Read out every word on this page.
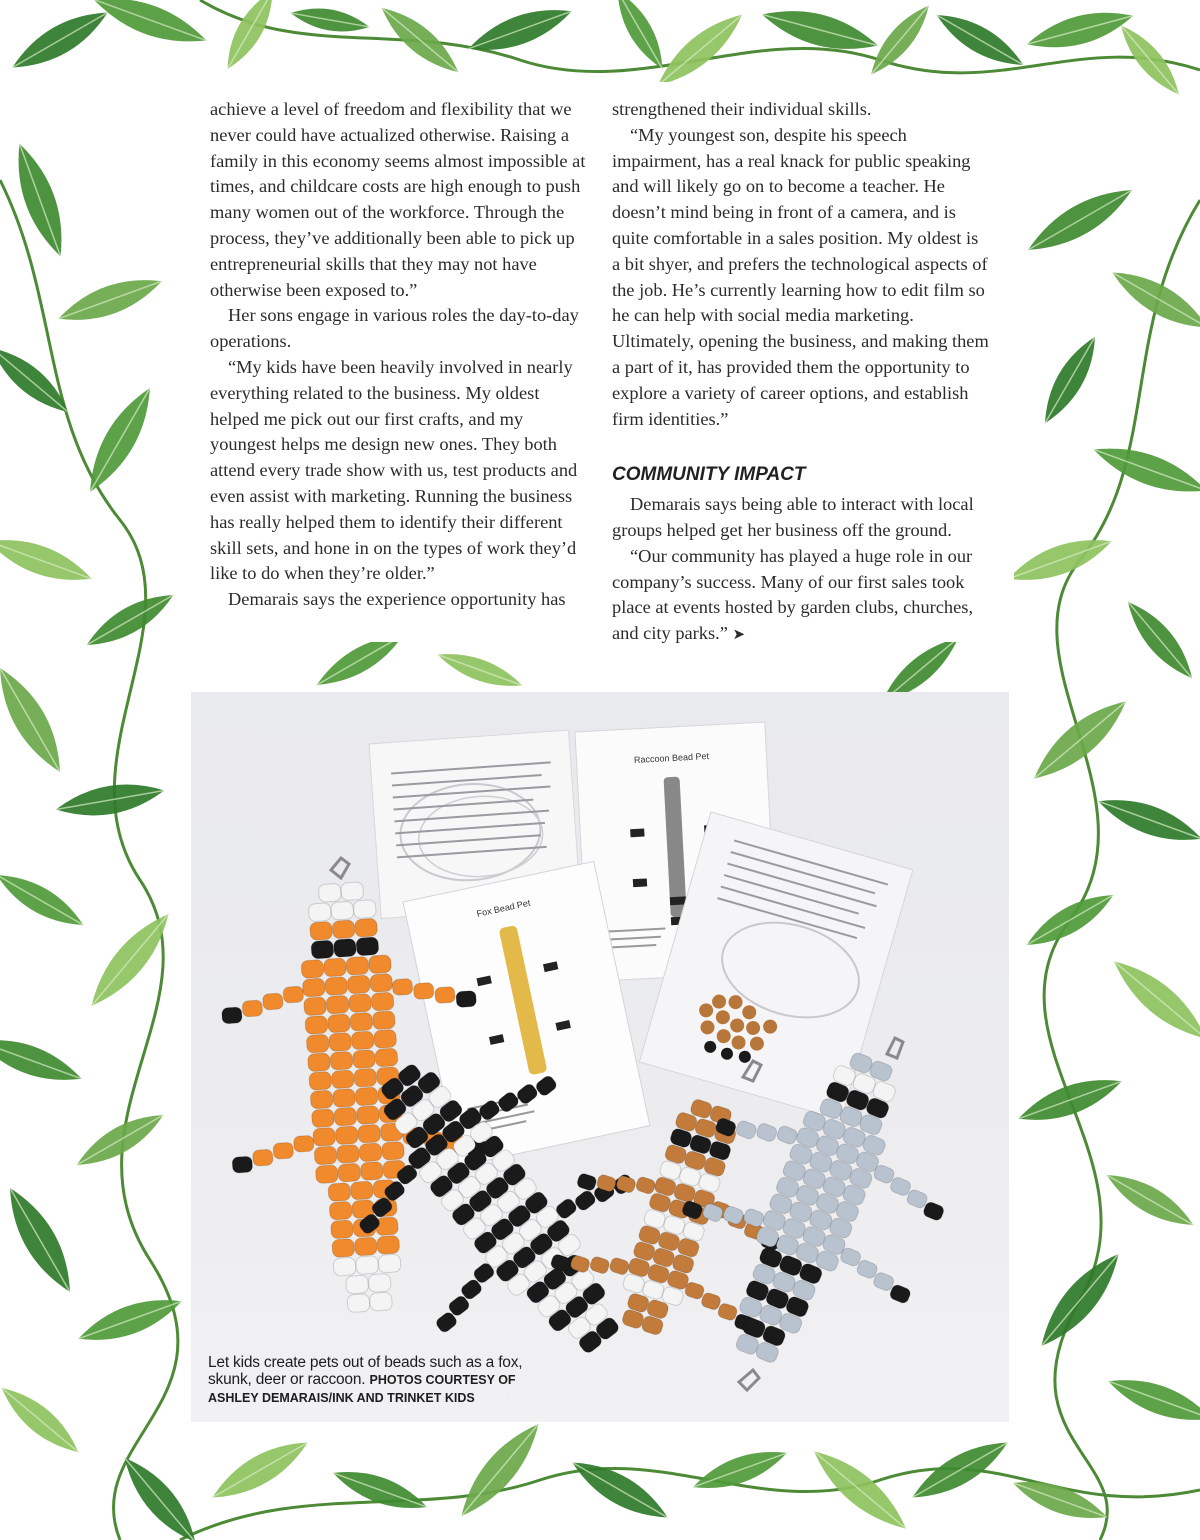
achieve a level of freedom and flexibility that we never could have actualized otherwise. Raising a family in this economy seems almost impossible at times, and childcare costs are high enough to push many women out of the workforce. Through the process, they’ve additionally been able to pick up entrepreneurial skills that they may not have otherwise been exposed to.”

Her sons engage in various roles the day-to-day operations.

“My kids have been heavily involved in nearly everything related to the business. My oldest helped me pick out our first crafts, and my youngest helps me design new ones. They both attend every trade show with us, test products and even assist with marketing. Running the business has really helped them to identify their different skill sets, and hone in on the types of work they’d like to do when they’re older.”

Demarais says the experience opportunity has

strengthened their individual skills.

“My youngest son, despite his speech impairment, has a real knack for public speaking and will likely go on to become a teacher. He doesn’t mind being in front of a camera, and is quite comfortable in a sales position. My oldest is a bit shyer, and prefers the technological aspects of the job. He’s currently learning how to edit film so he can help with social media marketing. Ultimately, opening the business, and making them a part of it, has provided them the opportunity to explore a variety of career options, and establish firm identities.”

COMMUNITY IMPACT

Demarais says being able to interact with local groups helped get her business off the ground.

“Our community has played a huge role in our company’s success. Many of our first sales took place at events hosted by garden clubs, churches, and city parks.” ➤

Raccoon Bead Pet
Fox Bead Pet
Let kids create pets out of beads such as a fox, skunk, deer or raccoon. PHOTOS COURTESY OF ASHLEY DEMARAIS/INK AND TRINKET KIDS
